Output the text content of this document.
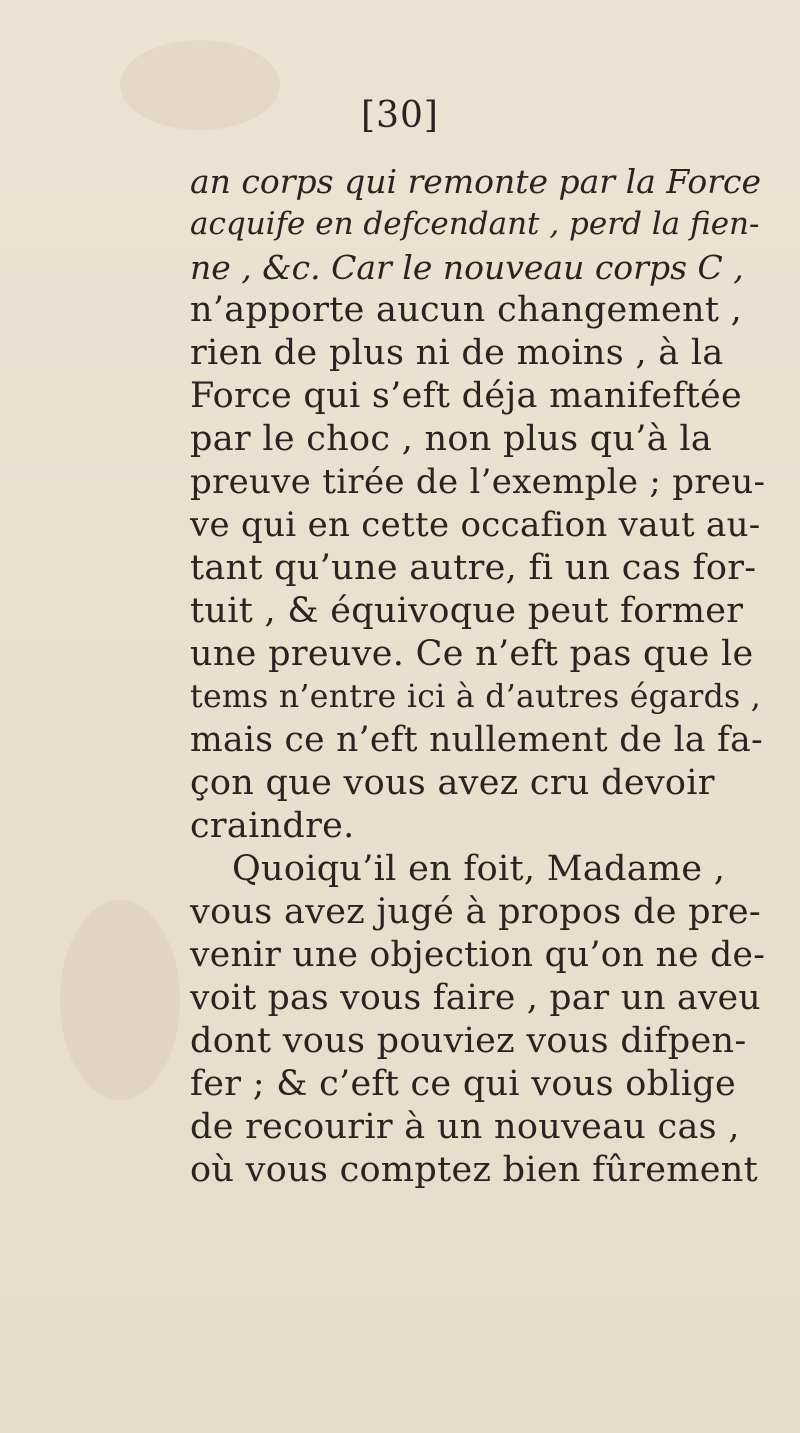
[30]
an corps qui remonte par la Force
acquife en defcendant , perd la fien-
ne , &c. Car le nouveau corps C ,
n’apporte aucun changement ,
rien de plus ni de moins , à la
Force qui s’eft déja manifeftée
par le choc , non plus qu’à la
preuve tirée de l’exemple ; preu-
ve qui en cette occafion vaut au-
tant qu’une autre, fi un cas for-
tuit , & équivoque peut former
une preuve. Ce n’eft pas que le
tems n’entre ici à d’autres égards ,
mais ce n’eft nullement de la fa-
çon que vous avez cru devoir
craindre.
Quoiqu’il en foit, Madame ,
vous avez jugé à propos de pre-
venir une objection qu’on ne de-
voit pas vous faire , par un aveu
dont vous pouviez vous difpen-
fer ; & c’eft ce qui vous oblige
de recourir à un nouveau cas ,
où vous comptez bien fûrement
